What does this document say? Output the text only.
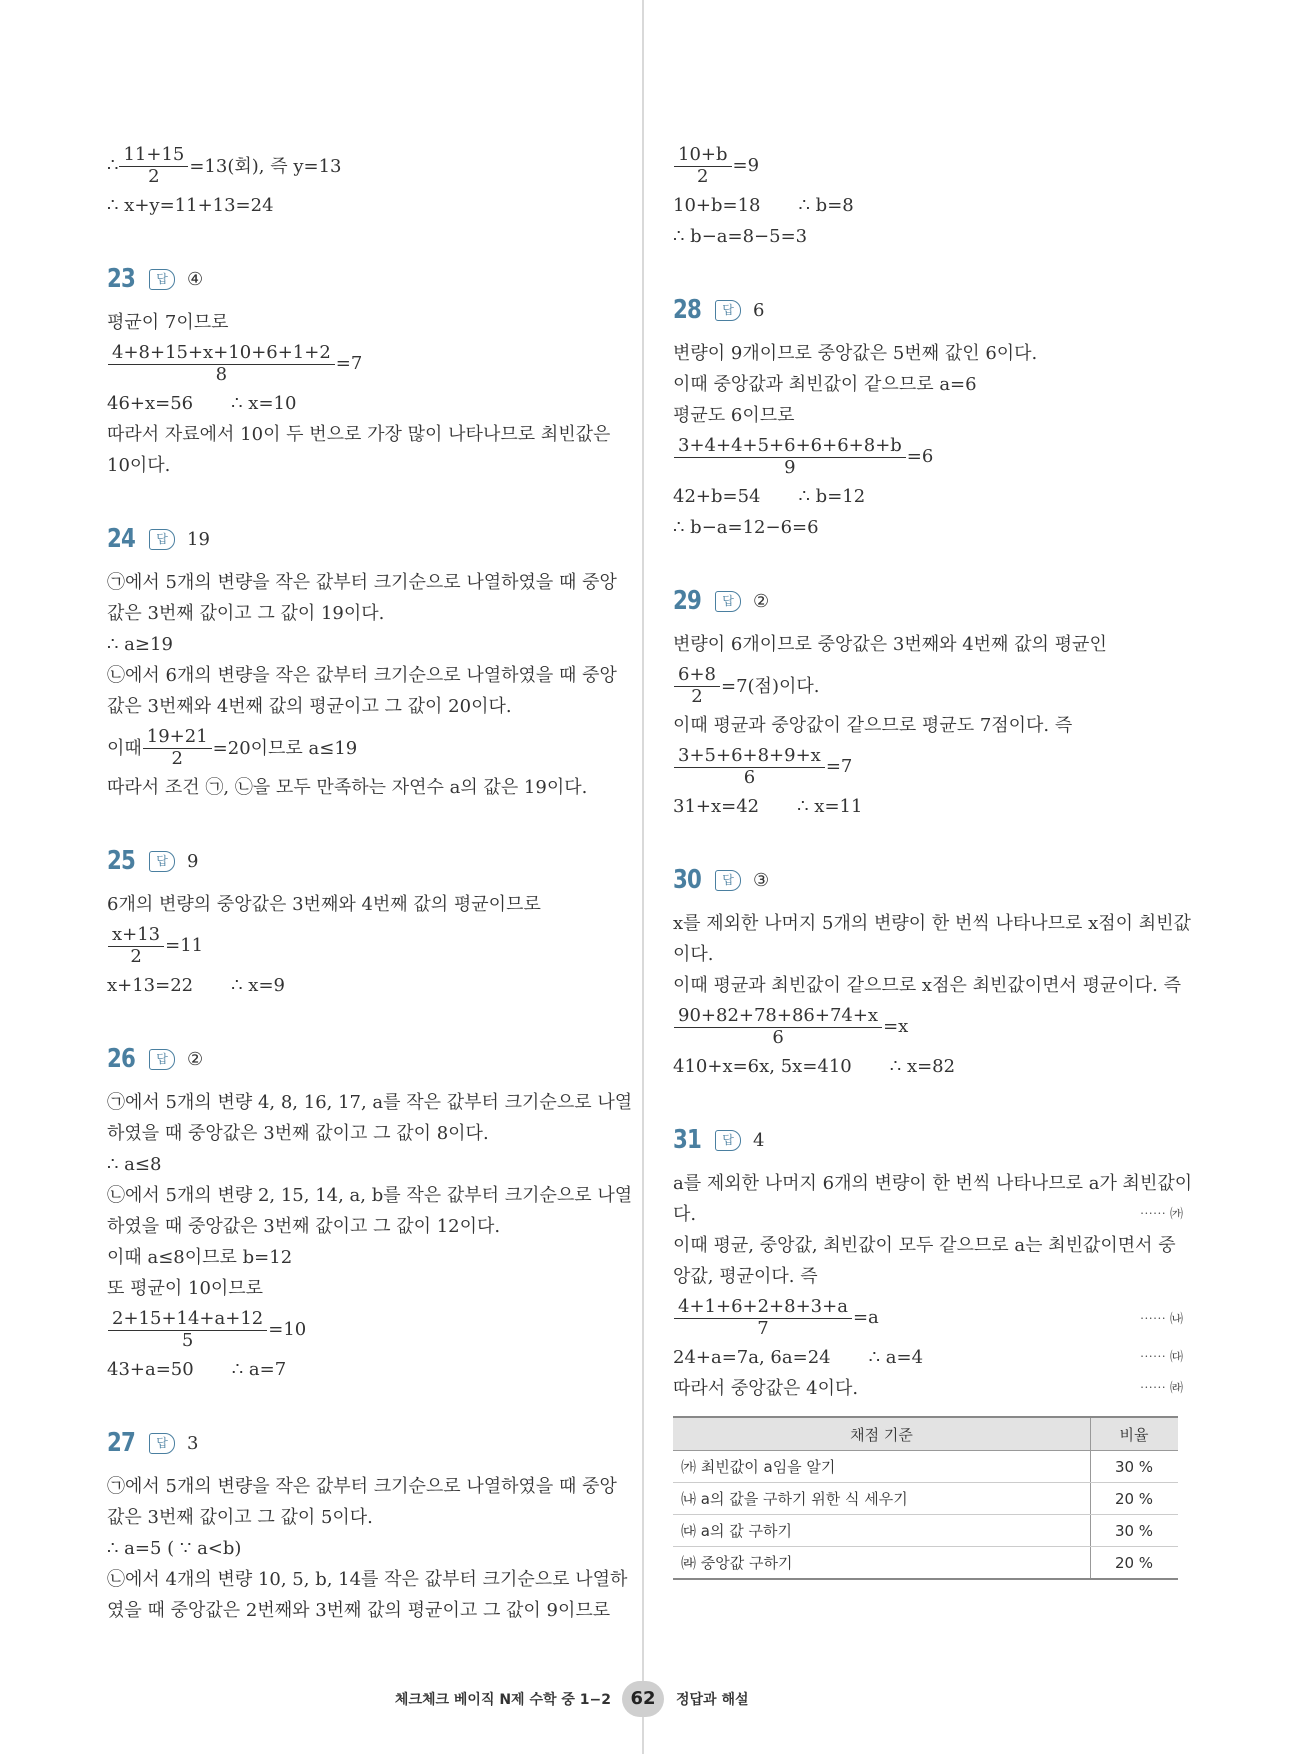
∴ $\frac{11+15}{2} =13$(회), 즉 y=13
∴ x+y=11+13=24
23	답	④
평균이 7이므로
$\frac{4+8+15+x+10+6+1+2}{8} =7$
46+x=56 ∴ x=10
따라서 자료에서 10이 두 번으로 가장 많이 나타나므로 최빈값은
10이다.
24	답	19
㉠에서 5개의 변량을 작은 값부터 크기순으로 나열하였을 때 중앙
값은 3번째 값이고 그 값이 19이다.
∴ a≥19
㉡에서 6개의 변량을 작은 값부터 크기순으로 나열하였을 때 중앙
값은 3번째와 4번째 값의 평균이고 그 값이 20이다.
이때 $\frac{19+21}{2} =20$이므로 a≤19
따라서 조건 ㉠, ㉡을 모두 만족하는 자연수 a의 값은 19이다.
25	답	9
6개의 변량의 중앙값은 3번째와 4번째 값의 평균이므로
$\frac{x+13}{2} =11$
x+13=22 ∴ x=9
26	답	②
㉠에서 5개의 변량 4, 8, 16, 17, a를 작은 값부터 크기순으로 나열
하였을 때 중앙값은 3번째 값이고 그 값이 8이다.
∴ a≤8
㉡에서 5개의 변량 2, 15, 14, a, b를 작은 값부터 크기순으로 나열
하였을 때 중앙값은 3번째 값이고 그 값이 12이다.
이때 a≤8이므로 b=12
또 평균이 10이므로
$\frac{2+15+14+a+12}{5} =10$
43+a=50 ∴ a=7
27	답	3
㉠에서 5개의 변량을 작은 값부터 크기순으로 나열하였을 때 중앙
값은 3번째 값이고 그 값이 5이다.
∴ a=5 ( ∵ a<b)
㉡에서 4개의 변량 10, 5, b, 14를 작은 값부터 크기순으로 나열하
였을 때 중앙값은 2번째와 3번째 값의 평균이고 그 값이 9이므로
$\frac{10+b}{2} =9$
10+b=18 ∴ b=8
∴ b−a=8−5=3
28	답	6
변량이 9개이므로 중앙값은 5번째 값인 6이다.
이때 중앙값과 최빈값이 같으므로 a=6
평균도 6이므로
$\frac{3+4+4+5+6+6+6+8+b}{9} =6$
42+b=54 ∴ b=12
∴ b−a=12−6=6
29	답	②
변량이 6개이므로 중앙값은 3번째와 4번째 값의 평균인
$\frac{6+8}{2} =7$(점)이다.
이때 평균과 중앙값이 같으므로 평균도 7점이다. 즉
$\frac{3+5+6+8+9+x}{6} =7$
31+x=42 ∴ x=11
30	답	③
x를 제외한 나머지 5개의 변량이 한 번씩 나타나므로 x점이 최빈값
이다.
이때 평균과 최빈값이 같으므로 x점은 최빈값이면서 평균이다. 즉
$\frac{90+82+78+86+74+x}{6} =x$
410+x=6x, 5x=410 ∴ x=82
31	답	4
a를 제외한 나머지 6개의 변량이 한 번씩 나타나므로 a가 최빈값이
다.	⋯⋯ ㈎
이때 평균, 중앙값, 최빈값이 모두 같으므로 a는 최빈값이면서 중
앙값, 평균이다. 즉
$\frac{4+1+6+2+8+3+a}{7} =a$	⋯⋯ ㈏
24+a=7a, 6a=24 ∴ a=4	⋯⋯ ㈐
따라서 중앙값은 4이다.	⋯⋯ ㈑
채점 기준	비율
㈎ 최빈값이 a임을 알기	30 %
㈏ a의 값을 구하기 위한 식 세우기	20 %
㈐ a의 값 구하기	30 %
㈑ 중앙값 구하기	20 %
체크체크 베이직 N제 수학 중 1−2	62	정답과 해설
